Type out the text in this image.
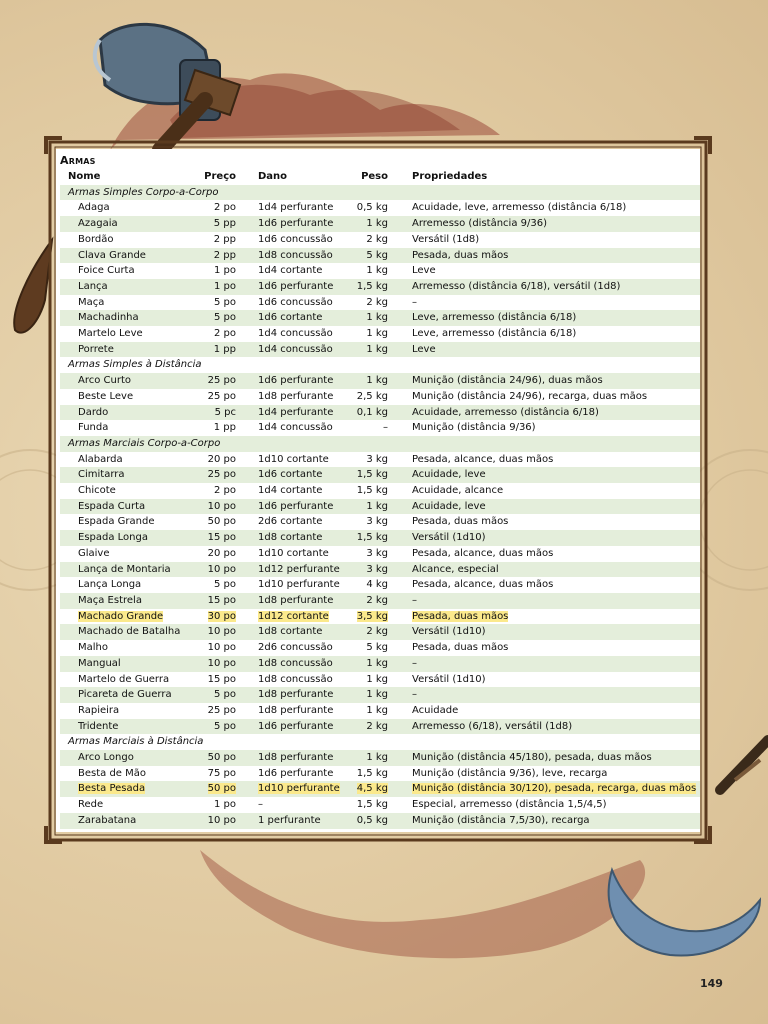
Armas
Nome	Preço	Dano	Peso	Propriedades
Armas Simples Corpo-a-Corpo				
Adaga	2 po	1d4 perfurante	0,5 kg	Acuidade, leve, arremesso (distância 6/18)
Azagaia	5 pp	1d6 perfurante	1 kg	Arremesso (distância 9/36)
Bordão	2 pp	1d6 concussão	2 kg	Versátil (1d8)
Clava Grande	2 pp	1d8 concussão	5 kg	Pesada, duas mãos
Foice Curta	1 po	1d4 cortante	1 kg	Leve
Lança	1 po	1d6 perfurante	1,5 kg	Arremesso (distância 6/18), versátil (1d8)
Maça	5 po	1d6 concussão	2 kg	–
Machadinha	5 po	1d6 cortante	1 kg	Leve, arremesso (distância 6/18)
Martelo Leve	2 po	1d4 concussão	1 kg	Leve, arremesso (distância 6/18)
Porrete	1 pp	1d4 concussão	1 kg	Leve
Armas Simples à Distância				
Arco Curto	25 po	1d6 perfurante	1 kg	Munição (distância 24/96), duas mãos
Beste Leve	25 po	1d8 perfurante	2,5 kg	Munição (distância 24/96), recarga, duas mãos
Dardo	5 pc	1d4 perfurante	0,1 kg	Acuidade, arremesso (distância 6/18)
Funda	1 pp	1d4 concussão	–	Munição (distância 9/36)
Armas Marciais Corpo-a-Corpo				
Alabarda	20 po	1d10 cortante	3 kg	Pesada, alcance, duas mãos
Cimitarra	25 po	1d6 cortante	1,5 kg	Acuidade, leve
Chicote	2 po	1d4 cortante	1,5 kg	Acuidade, alcance
Espada Curta	10 po	1d6 perfurante	1 kg	Acuidade, leve
Espada Grande	50 po	2d6 cortante	3 kg	Pesada, duas mãos
Espada Longa	15 po	1d8 cortante	1,5 kg	Versátil (1d10)
Glaive	20 po	1d10 cortante	3 kg	Pesada, alcance, duas mãos
Lança de Montaria	10 po	1d12 perfurante	3 kg	Alcance, especial
Lança Longa	5 po	1d10 perfurante	4 kg	Pesada, alcance, duas mãos
Maça Estrela	15 po	1d8 perfurante	2 kg	–
Machado Grande	30 po	1d12 cortante	3,5 kg	Pesada, duas mãos
Machado de Batalha	10 po	1d8 cortante	2 kg	Versátil (1d10)
Malho	10 po	2d6 concussão	5 kg	Pesada, duas mãos
Mangual	10 po	1d8 concussão	1 kg	–
Martelo de Guerra	15 po	1d8 concussão	1 kg	Versátil (1d10)
Picareta de Guerra	5 po	1d8 perfurante	1 kg	–
Rapieira	25 po	1d8 perfurante	1 kg	Acuidade
Tridente	5 po	1d6 perfurante	2 kg	Arremesso (6/18), versátil (1d8)
Armas Marciais à Distância				
Arco Longo	50 po	1d8 perfurante	1 kg	Munição (distância 45/180), pesada, duas mãos
Besta de Mão	75 po	1d6 perfurante	1,5 kg	Munição (distância 9/36), leve, recarga
Besta Pesada	50 po	1d10 perfurante	4,5 kg	Munição (distância 30/120), pesada, recarga, duas mãos
Rede	1 po	–	1,5 kg	Especial, arremesso (distância 1,5/4,5)
Zarabatana	10 po	1 perfurante	0,5 kg	Munição (distância 7,5/30), recarga
149
